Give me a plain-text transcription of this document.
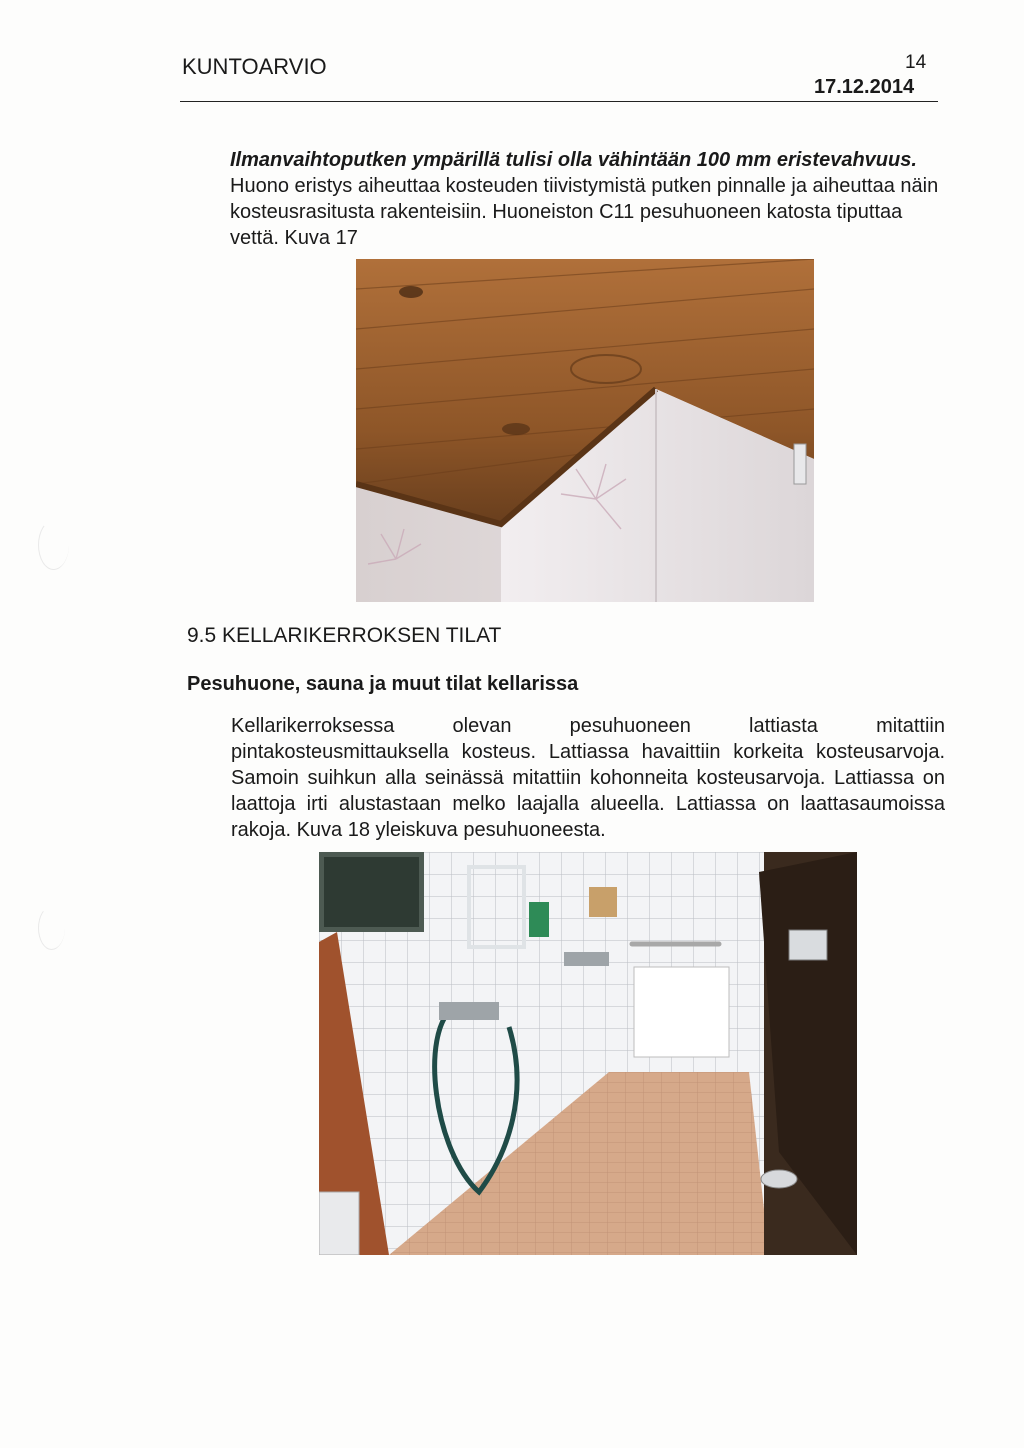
KUNTOARVIO	14
17.12.2014
Ilmanvaihtoputken ympärillä tulisi olla vähintään 100 mm eristevahvuus.
Huono eristys aiheuttaa kosteuden tiivistymistä putken pinnalle ja aiheuttaa näin kosteusrasitusta rakenteisiin. Huoneiston C11 pesuhuoneen katosta tiputtaa vettä. Kuva 17
9.5 KELLARIKERROKSEN TILAT
Pesuhuone, sauna ja muut tilat kellarissa
Kellarikerroksessa olevan pesuhuoneen lattiasta mitattiin pintakosteusmittauksella kosteus. Lattiassa havaittiin korkeita kosteusarvoja. Samoin suihkun alla seinässä mitattiin kohonneita kosteusarvoja. Lattiassa on laattoja irti alustastaan melko laajalla alueella. Lattiassa on laattasaumoissa rakoja. Kuva 18 yleiskuva pesuhuoneesta.
